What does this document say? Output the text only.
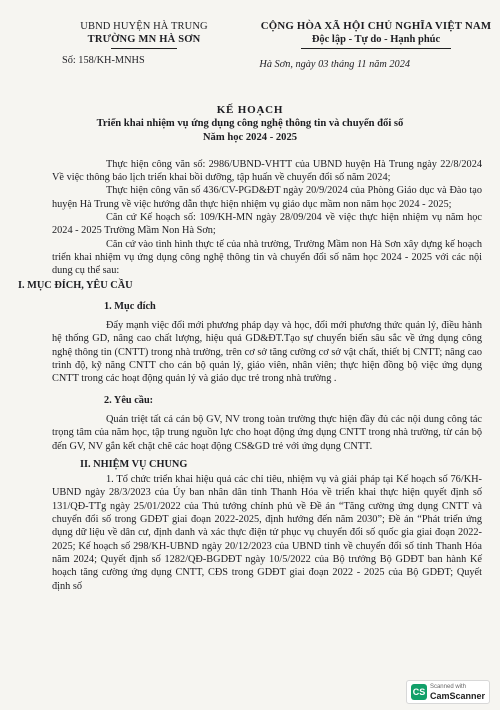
UBND HUYỆN HÀ TRUNG
TRƯỜNG MN HÀ SƠN
Số: 158/KH-MNHS
CỘNG HÒA XÃ HỘI CHỦ NGHĨA VIỆT NAM
Độc lập - Tự do - Hạnh phúc
Hà Sơn, ngày 03 tháng 11 năm 2024
KẾ HOẠCH
Triển khai nhiệm vụ ứng dụng công nghệ thông tin và chuyển đổi số
Năm học 2024 - 2025

Thực hiện công văn số: 2986/UBND-VHTT của UBND huyện Hà Trung ngày 22/8/2024 Về việc thông báo lịch triển khai bồi dưỡng, tập huấn về chuyển đổi số năm 2024;

Thực hiện công văn số 436/CV-PGD&ĐT ngày 20/9/2024 của Phòng Giáo dục và Đào tạo huyện Hà Trung về việc hướng dẫn thực hiện nhiệm vụ giáo dục mầm non năm học 2024 - 2025;

Căn cứ Kế hoạch số: 109/KH-MN ngày 28/09/204 về việc thực hiện nhiệm vụ năm học 2024 - 2025 Trường Mầm Non Hà Sơn;

Căn cứ vào tình hình thực tế của nhà trường, Trường Mầm non Hà Sơn xây dựng kế hoạch triển khai nhiệm vụ ứng dụng công nghệ thông tin và chuyển đổi số năm học 2024 - 2025 với các nội dung cụ thể sau:

I. MỤC ĐÍCH, YÊU CẦU
1. Mục đích

Đẩy mạnh việc đổi mới phương pháp dạy và học, đổi mới phương thức quản lý, điều hành hệ thống GD, nâng cao chất lượng, hiệu quả GD&ĐT.Tạo sự chuyển biến sâu sắc về ứng dụng công nghệ thông tin (CNTT) trong nhà trường, trên cơ sở tăng cường cơ sở vật chất, thiết bị CNTT; nâng cao trình độ, kỹ năng CNTT cho cán bộ quản lý, giáo viên, nhân viên; thực hiện đồng bộ việc ứng dụng CNTT trong các hoạt động quản lý và giáo dục trẻ trong nhà trường .

2. Yêu cầu:

Quán triệt tất cả cán bộ GV, NV trong toàn trường thực hiện đầy đủ các nội dung công tác trọng tâm của năm học, tập trung nguồn lực cho hoạt động ứng dụng CNTT trong nhà trường, từ cán bộ đến GV, NV gắn kết chặt chẽ các hoạt động CS&GD trẻ với ứng dụng CNTT.

II. NHIỆM VỤ CHUNG

1. Tổ chức triển khai hiệu quả các chỉ tiêu, nhiệm vụ và giải pháp tại Kế hoạch số 76/KH-UBND ngày 28/3/2023 của Ủy ban nhân dân tỉnh Thanh Hóa về triển khai thực hiện quyết định số 131/QĐ-TTg ngày 25/01/2022 của Thủ tướng chính phủ về Đề án “Tăng cường ứng dụng CNTT và chuyển đổi số trong GDĐT giai đoạn 2022-2025, định hướng đến năm 2030”; Đề án “Phát triển ứng dụng dữ liệu về dân cư, định danh và xác thực điện tử phục vụ chuyển đổi số quốc gia giai đoạn 2022-2025; Kế hoạch số 298/KH-UBND ngày 20/12/2023 của UBND tỉnh về chuyển đổi số tỉnh Thanh Hóa năm 2024; Quyết định số 1282/QĐ-BGDĐT ngày 10/5/2022 của Bộ trưởng Bộ GDĐT ban hành Kế hoạch tăng cường ứng dụng CNTT, CĐS trong GDĐT giai đoạn 2022 - 2025 của Bộ GDĐT; Quyết định số

CS Scanned with
CamScanner
